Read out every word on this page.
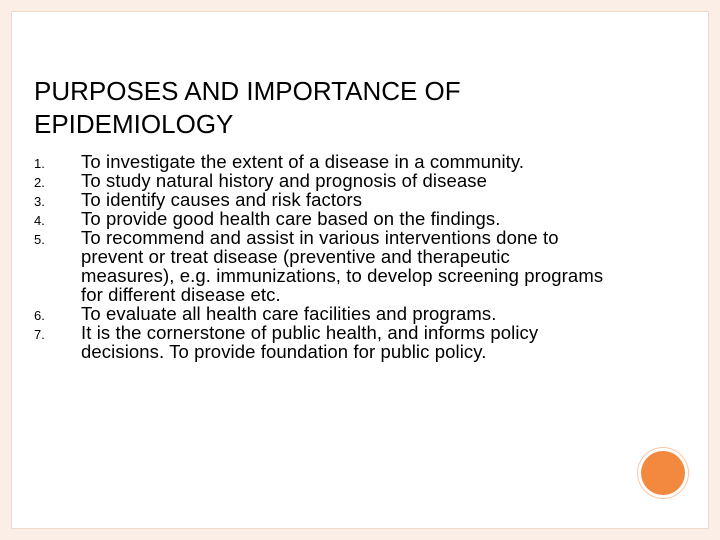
PURPOSES AND IMPORTANCE OF
EPIDEMIOLOGY
1. To investigate the extent of a disease in a community.
2. To study natural history and prognosis of disease
3. To identify causes and risk factors
4. To provide good health care based on the findings.
5. To recommend and assist in various interventions done to
prevent or treat disease (preventive and therapeutic
measures), e.g. immunizations, to develop screening programs
for different disease etc.
6. To evaluate all health care facilities and programs.
7. It is the cornerstone of public health, and informs policy
decisions. To provide foundation for public policy.
